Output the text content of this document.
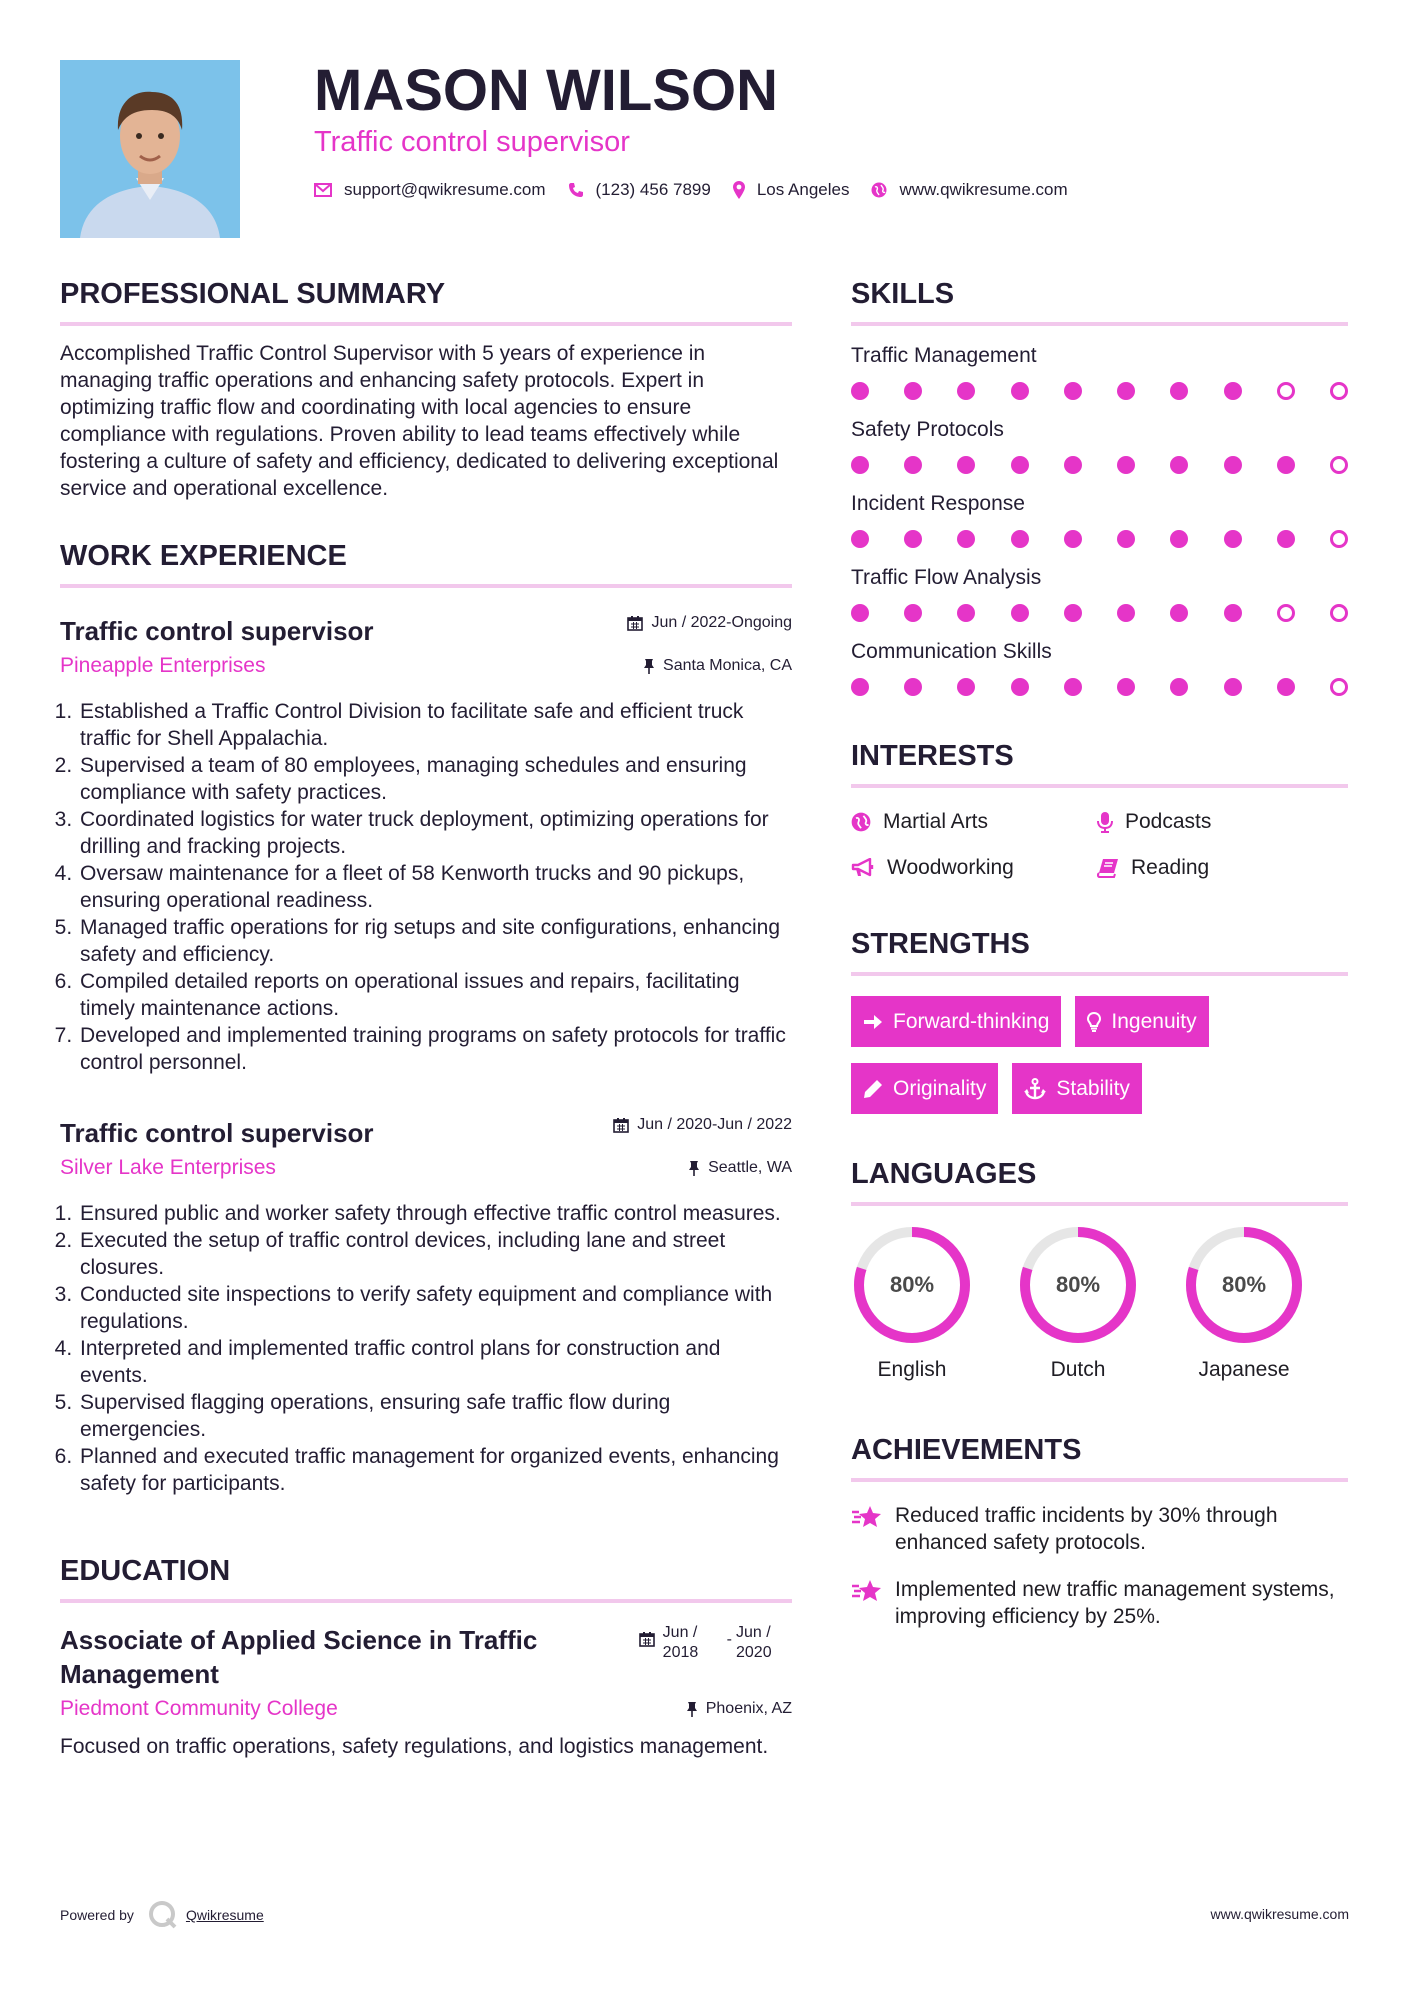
MASON WILSON
Traffic control supervisor
support@qwikresume.com	(123) 456 7899	Los Angeles	www.qwikresume.com
PROFESSIONAL SUMMARY

Accomplished Traffic Control Supervisor with 5 years of experience in managing traffic operations and enhancing safety protocols. Expert in optimizing traffic flow and coordinating with local agencies to ensure compliance with regulations. Proven ability to lead teams effectively while fostering a culture of safety and efficiency, dedicated to delivering exceptional service and operational excellence.

WORK EXPERIENCE
Traffic control supervisor	Jun / 2022-Ongoing
Pineapple Enterprises	Santa Monica, CA
1. Established a Traffic Control Division to facilitate safe and efficient truck traffic for Shell Appalachia.
2. Supervised a team of 80 employees, managing schedules and ensuring compliance with safety practices.
3. Coordinated logistics for water truck deployment, optimizing operations for drilling and fracking projects.
4. Oversaw maintenance for a fleet of 58 Kenworth trucks and 90 pickups, ensuring operational readiness.
5. Managed traffic operations for rig setups and site configurations, enhancing safety and efficiency.
6. Compiled detailed reports on operational issues and repairs, facilitating timely maintenance actions.
7. Developed and implemented training programs on safety protocols for traffic control personnel.
Traffic control supervisor	Jun / 2020-Jun / 2022
Silver Lake Enterprises	Seattle, WA
1. Ensured public and worker safety through effective traffic control measures.
2. Executed the setup of traffic control devices, including lane and street closures.
3. Conducted site inspections to verify safety equipment and compliance with regulations.
4. Interpreted and implemented traffic control plans for construction and events.
5. Supervised flagging operations, ensuring safe traffic flow during emergencies.
6. Planned and executed traffic management for organized events, enhancing safety for participants.
EDUCATION
Associate of Applied Science in Traffic Management
Jun / 2018
- Jun / 2020
Piedmont Community College	Phoenix, AZ

Focused on traffic operations, safety regulations, and logistics management.

SKILLS
Traffic Management
Safety Protocols
Incident Response
Traffic Flow Analysis
Communication Skills
INTERESTS
Martial Arts	Podcasts
Woodworking	Reading
STRENGTHS
Forward-thinking	Ingenuity
Originality	Stability
LANGUAGES
80%
English
80%
Dutch
80%
Japanese
ACHIEVEMENTS
Reduced traffic incidents by 30% through enhanced safety protocols.
Implemented new traffic management systems, improving efficiency by 25%.
Powered by	Qwikresume	www.qwikresume.com
